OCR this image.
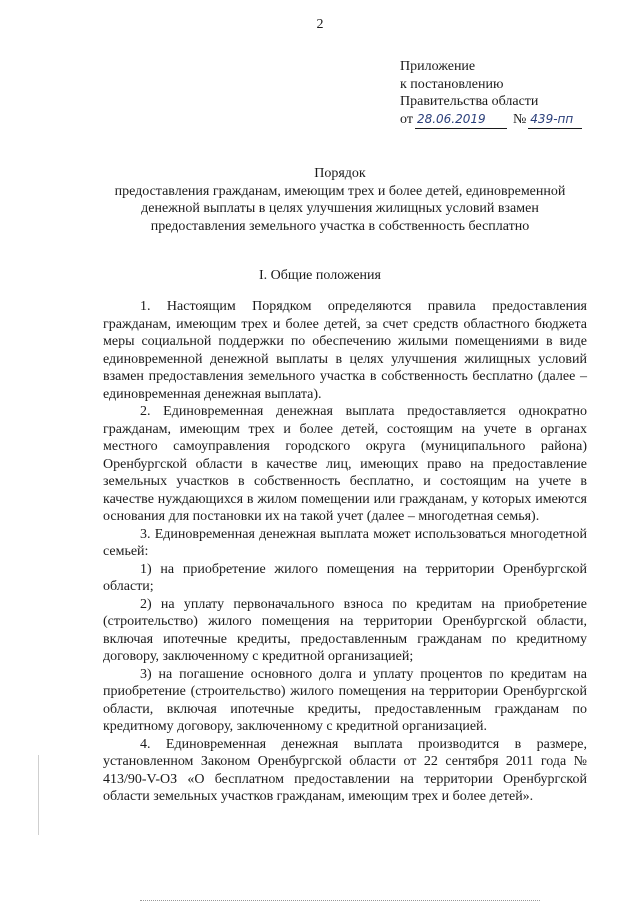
2
Приложение
к постановлению
Правительства области
от 28.06.2019	№ 439-пп
Порядок
предоставления гражданам, имеющим трех и более детей, единовременной денежной выплаты в целях улучшения жилищных условий взамен предоставления земельного участка в собственность бесплатно
I. Общие положения

1. Настоящим Порядком определяются правила предоставления гражданам, имеющим трех и более детей, за счет средств областного бюджета меры социальной поддержки по обеспечению жилыми помещениями в виде единовременной денежной выплаты в целях улучшения жилищных условий взамен предоставления земельного участка в собственность бесплатно (далее – единовременная денежная выплата).

2. Единовременная денежная выплата предоставляется однократно гражданам, имеющим трех и более детей, состоящим на учете в органах местного самоуправления городского округа (муниципального района) Оренбургской области в качестве лиц, имеющих право на предоставление земельных участков в собственность бесплатно, и состоящим на учете в качестве нуждающихся в жилом помещении или гражданам, у которых имеются основания для постановки их на такой учет (далее – многодетная семья).

3. Единовременная денежная выплата может использоваться многодетной семьей:

1) на приобретение жилого помещения на территории Оренбургской области;

2) на уплату первоначального взноса по кредитам на приобретение (строительство) жилого помещения на территории Оренбургской области, включая ипотечные кредиты, предоставленным гражданам по кредитному договору, заключенному с кредитной организацией;

3) на погашение основного долга и уплату процентов по кредитам на приобретение (строительство) жилого помещения на территории Оренбургской области, включая ипотечные кредиты, предоставленным гражданам по кредитному договору, заключенному с кредитной организацией.

4. Единовременная денежная выплата производится в размере, установленном Законом Оренбургской области от 22 сентября 2011 года № 413/90-V-ОЗ «О бесплатном предоставлении на территории Оренбургской области земельных участков гражданам, имеющим трех и более детей».
